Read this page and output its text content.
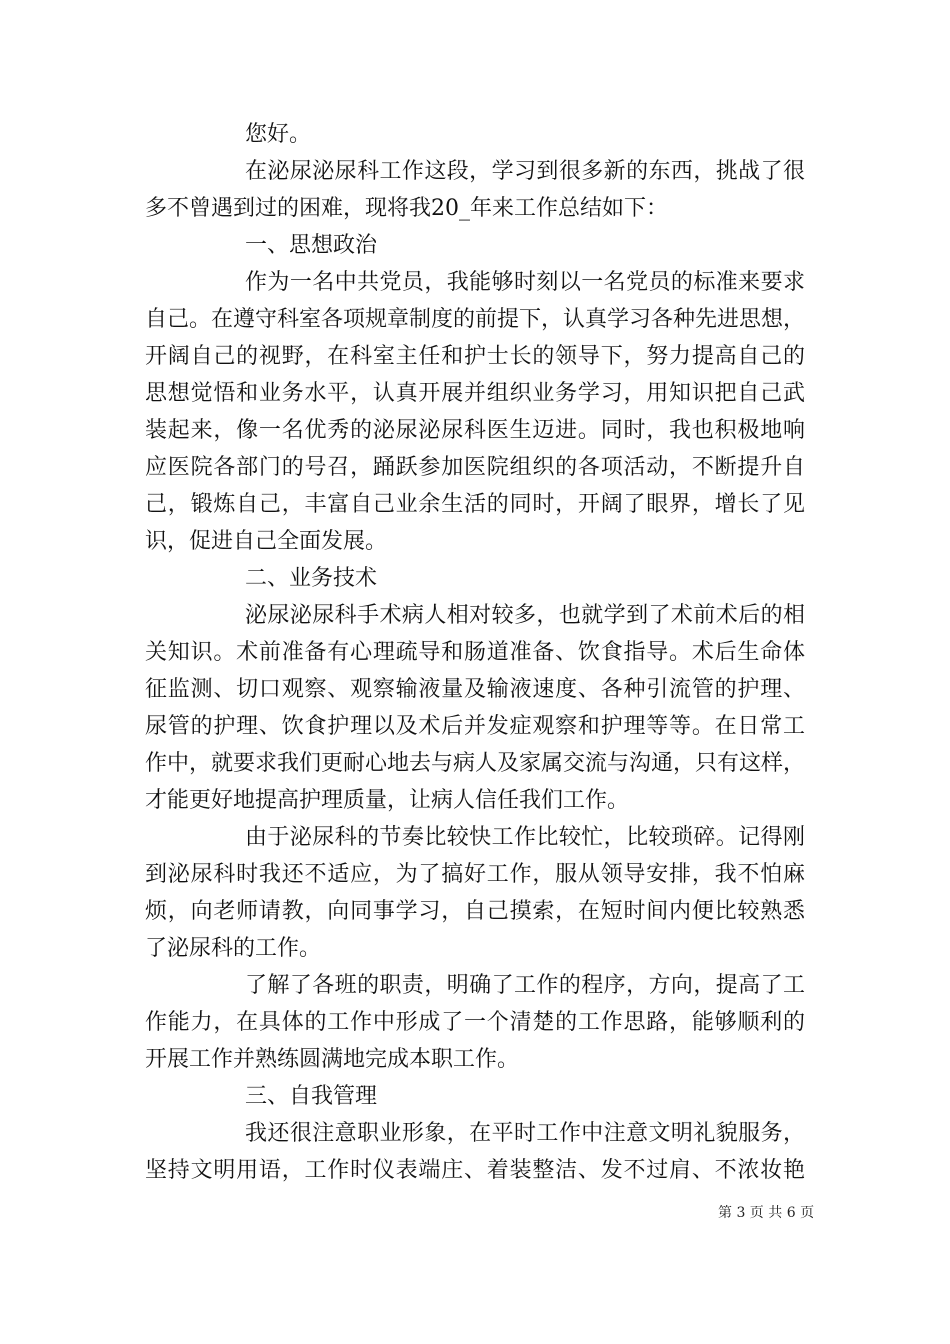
您好。
在泌尿泌尿科工作这段，学习到很多新的东西，挑战了很
多不曾遇到过的困难，现将我20_年来工作总结如下：
一、思想政治
作为一名中共党员，我能够时刻以一名党员的标准来要求
自己。在遵守科室各项规章制度的前提下，认真学习各种先进思想，
开阔自己的视野，在科室主任和护士长的领导下，努力提高自己的
思想觉悟和业务水平，认真开展并组织业务学习，用知识把自己武
装起来，像一名优秀的泌尿泌尿科医生迈进。同时，我也积极地响
应医院各部门的号召，踊跃参加医院组织的各项活动，不断提升自
己，锻炼自己，丰富自己业余生活的同时，开阔了眼界，增长了见
识，促进自己全面发展。
二、业务技术
泌尿泌尿科手术病人相对较多，也就学到了术前术后的相
关知识。术前准备有心理疏导和肠道准备、饮食指导。术后生命体
征监测、切口观察、观察输液量及输液速度、各种引流管的护理、
尿管的护理、饮食护理以及术后并发症观察和护理等等。在日常工
作中，就要求我们更耐心地去与病人及家属交流与沟通，只有这样，
才能更好地提高护理质量，让病人信任我们工作。
由于泌尿科的节奏比较快工作比较忙，比较琐碎。记得刚
到泌尿科时我还不适应，为了搞好工作，服从领导安排，我不怕麻
烦，向老师请教，向同事学习，自己摸索，在短时间内便比较熟悉
了泌尿科的工作。
了解了各班的职责，明确了工作的程序，方向，提高了工
作能力，在具体的工作中形成了一个清楚的工作思路，能够顺利的
开展工作并熟练圆满地完成本职工作。
三、自我管理
我还很注意职业形象，在平时工作中注意文明礼貌服务，
坚持文明用语，工作时仪表端庄、着装整洁、发不过肩、不浓妆艳
第 3 页 共 6 页
